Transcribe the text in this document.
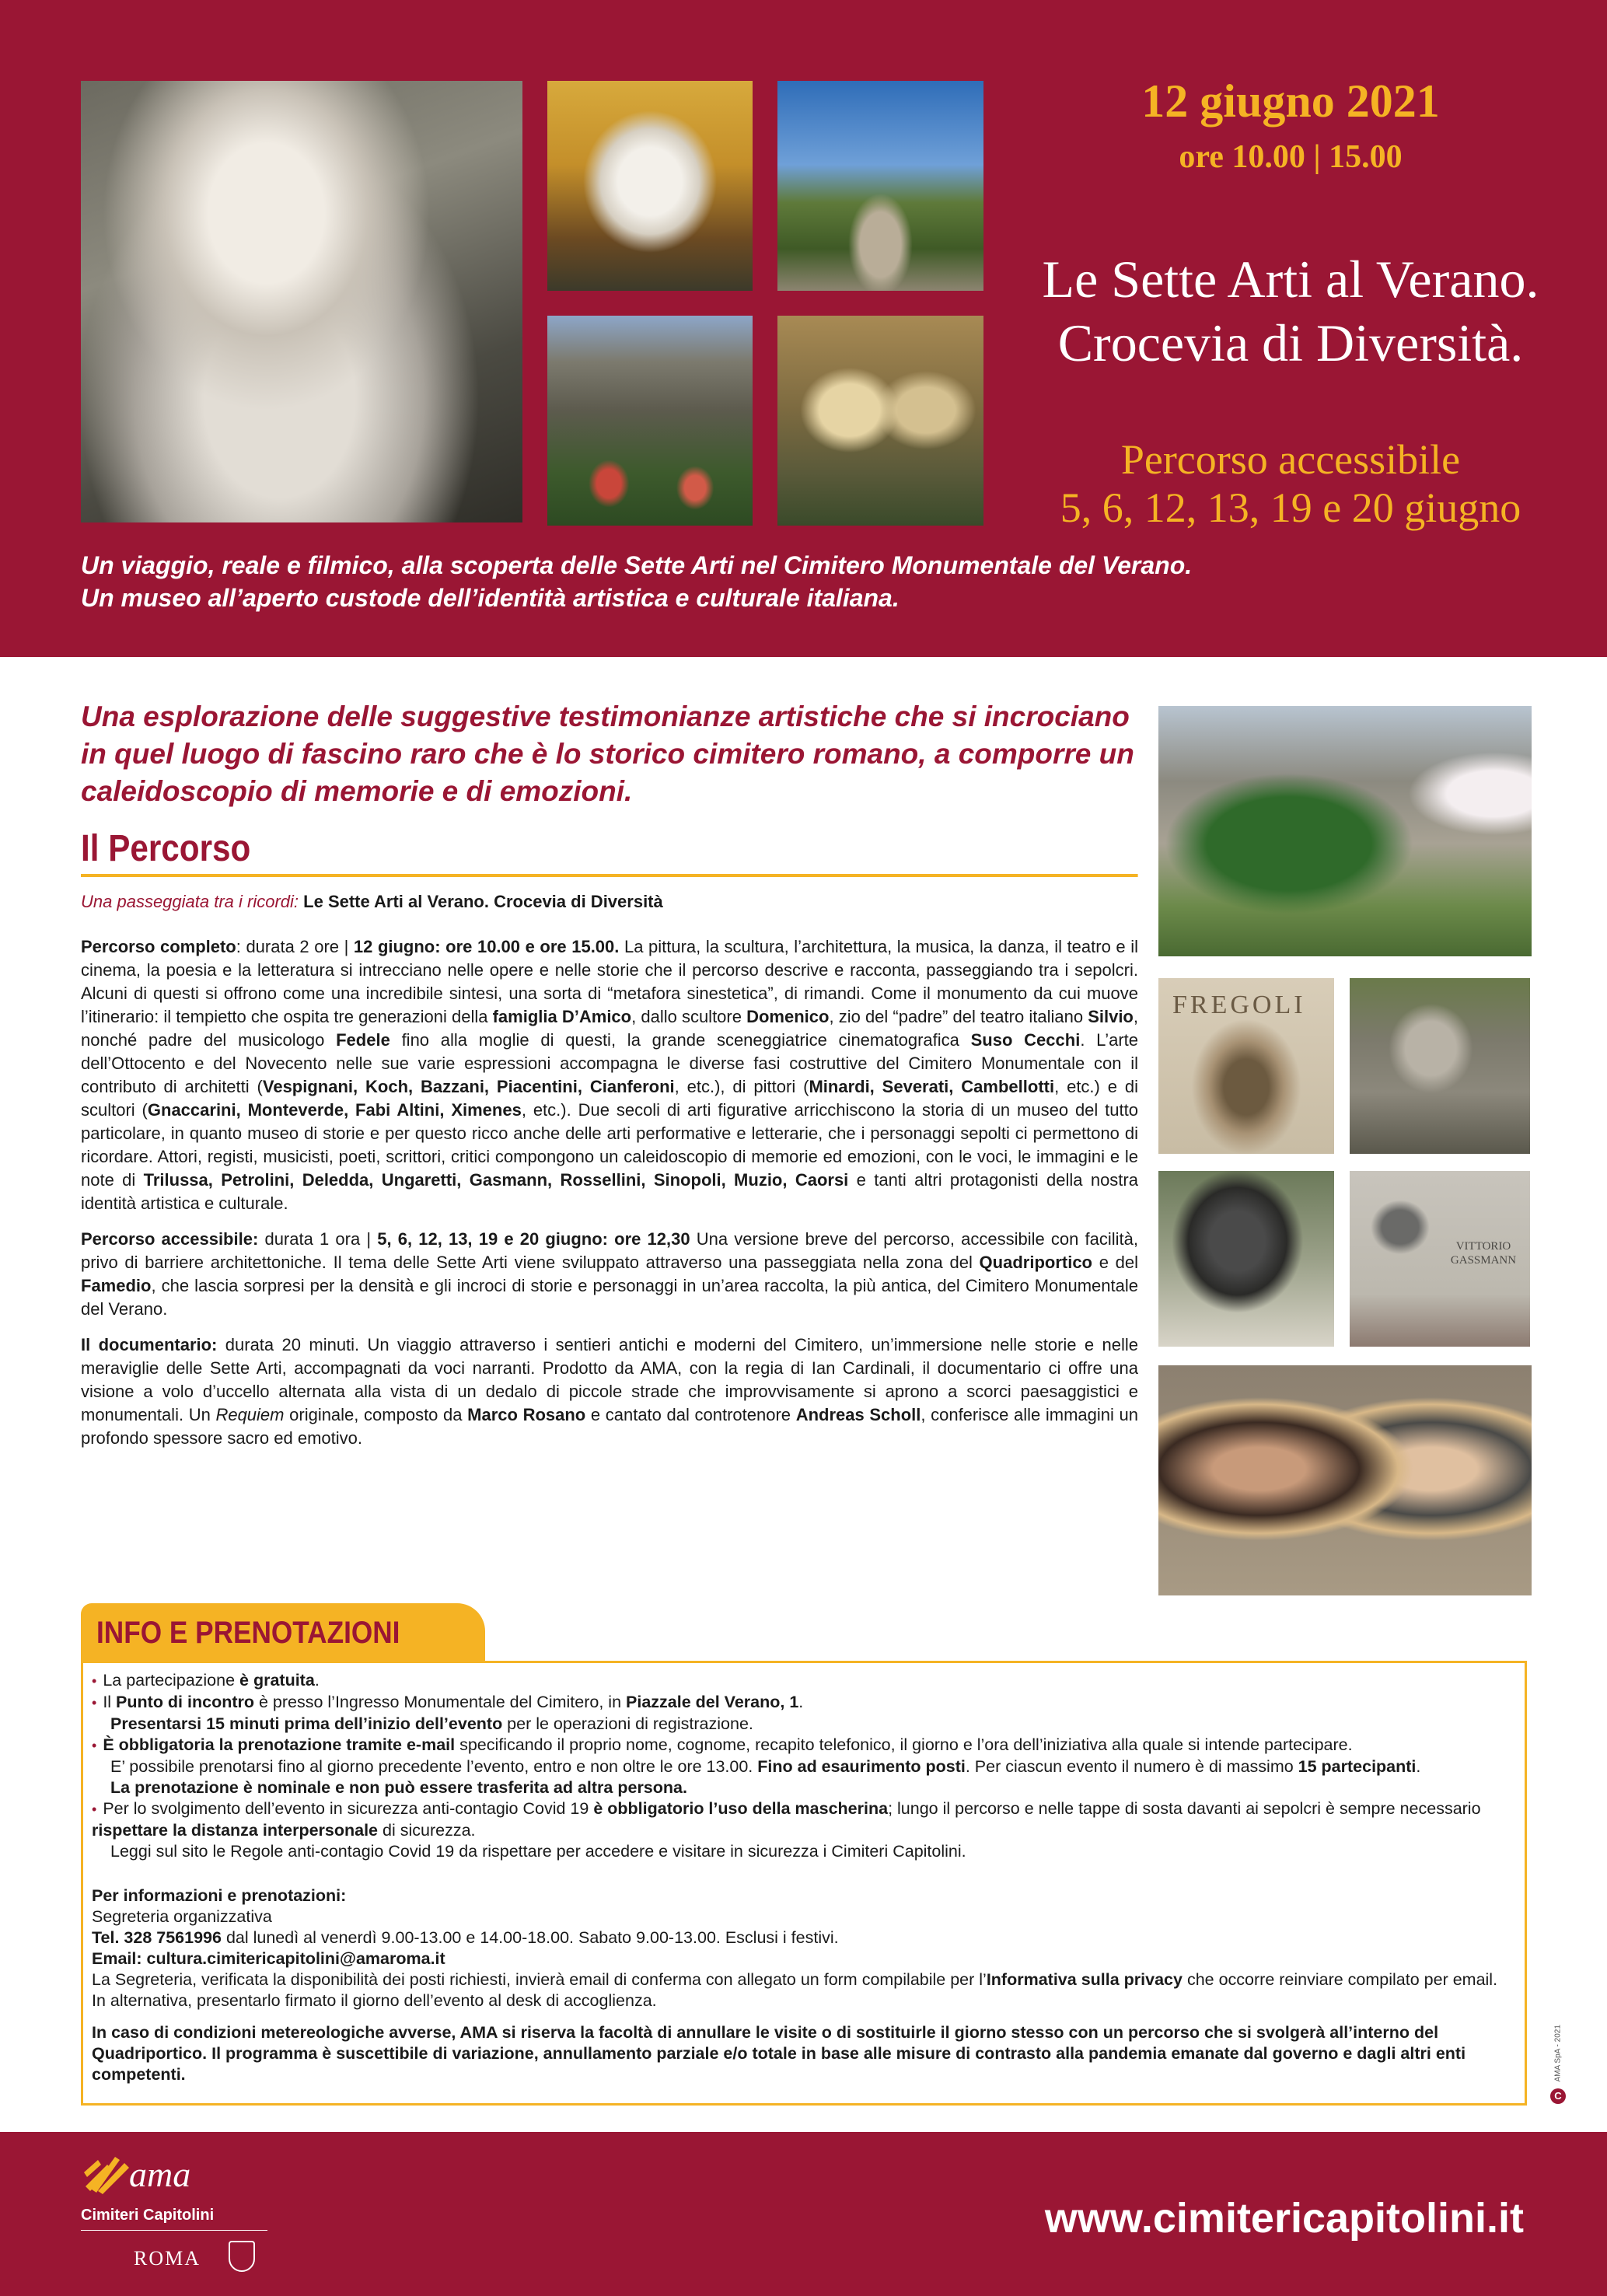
12 giugno 2021
ore 10.00 | 15.00
Le Sette Arti al Verano.
Crocevia di Diversità.
Percorso accessibile
5, 6, 12, 13, 19 e 20 giugno
Un viaggio, reale e filmico, alla scoperta delle Sette Arti nel Cimitero Monumentale del Verano.
Un museo all’aperto custode dell’identità artistica e culturale italiana.
Una esplorazione delle suggestive testimonianze artistiche che si incrociano in quel luogo di fascino raro che è lo storico cimitero romano, a comporre un caleidoscopio di memorie e di emozioni.
Il Percorso

Una passeggiata tra i ricordi: Le Sette Arti al Verano. Crocevia di Diversità

Percorso completo: durata 2 ore | 12 giugno: ore 10.00 e ore 15.00. La pittura, la scultura, l’architettura, la musica, la danza, il teatro e il cinema, la poesia e la letteratura si intrecciano nelle opere e nelle storie che il percorso descrive e racconta, passeggiando tra i sepolcri. Alcuni di questi si offrono come una incredibile sintesi, una sorta di “metafora sinestetica”, di rimandi. Come il monumento da cui muove l’itinerario: il tempietto che ospita tre generazioni della famiglia D’Amico, dallo scultore Domenico, zio del “padre” del teatro italiano Silvio, nonché padre del musicologo Fedele fino alla moglie di questi, la grande sceneggiatrice cinematografica Suso Cecchi. L’arte dell’Ottocento e del Novecento nelle sue varie espressioni accompagna le diverse fasi costruttive del Cimitero Monumentale con il contributo di architetti (Vespignani, Koch, Bazzani, Piacentini, Cianferoni, etc.), di pittori (Minardi, Severati, Cambellotti, etc.) e di scultori (Gnaccarini, Monteverde, Fabi Altini, Ximenes, etc.). Due secoli di arti figurative arricchiscono la storia di un museo del tutto particolare, in quanto museo di storie e per questo ricco anche delle arti performative e letterarie, che i personaggi sepolti ci permettono di ricordare. Attori, registi, musicisti, poeti, scrittori, critici compongono un caleidoscopio di memorie ed emozioni, con le voci, le immagini e le note di Trilussa, Petrolini, Deledda, Ungaretti, Gasmann, Rossellini, Sinopoli, Muzio, Caorsi e tanti altri protagonisti della nostra identità artistica e culturale.

Percorso accessibile: durata 1 ora | 5, 6, 12, 13, 19 e 20 giugno: ore 12,30 Una versione breve del percorso, accessibile con facilità, privo di barriere architettoniche. Il tema delle Sette Arti viene sviluppato attraverso una passeggiata nella zona del Quadriportico e del Famedio, che lascia sorpresi per la densità e gli incroci di storie e personaggi in un’area raccolta, la più antica, del Cimitero Monumentale del Verano.

Il documentario: durata 20 minuti. Un viaggio attraverso i sentieri antichi e moderni del Cimitero, un’immersione nelle storie e nelle meraviglie delle Sette Arti, accompagnati da voci narranti. Prodotto da AMA, con la regia di Ian Cardinali, il documentario ci offre una visione a volo d’uccello alternata alla vista di un dedalo di piccole strade che improvvisamente si aprono a scorci paesaggistici e monumentali. Un Requiem originale, composto da Marco Rosano e cantato dal controtenore Andreas Scholl, conferisce alle immagini un profondo spessore sacro ed emotivo.

FREGOLI
VITTORIO GASSMANN
INFO E PRENOTAZIONI
• La partecipazione è gratuita.
• Il Punto di incontro è presso l’Ingresso Monumentale del Cimitero, in Piazzale del Verano, 1.
Presentarsi 15 minuti prima dell’inizio dell’evento per le operazioni di registrazione.
• È obbligatoria la prenotazione tramite e-mail specificando il proprio nome, cognome, recapito telefonico, il giorno e l’ora dell’iniziativa alla quale si intende partecipare.
E’ possibile prenotarsi fino al giorno precedente l’evento, entro e non oltre le ore 13.00. Fino ad esaurimento posti. Per ciascun evento il numero è di massimo 15 partecipanti.
La prenotazione è nominale e non può essere trasferita ad altra persona.
• Per lo svolgimento dell’evento in sicurezza anti-contagio Covid 19 è obbligatorio l’uso della mascherina; lungo il percorso e nelle tappe di sosta davanti ai sepolcri è sempre necessario rispettare la distanza interpersonale di sicurezza.
Leggi sul sito le Regole anti-contagio Covid 19 da rispettare per accedere e visitare in sicurezza i Cimiteri Capitolini.
Per informazioni e prenotazioni:
Segreteria organizzativa
Tel. 328 7561996 dal lunedì al venerdì 9.00-13.00 e 14.00-18.00. Sabato 9.00-13.00. Esclusi i festivi.
Email: cultura.cimitericapitolini@amaroma.it
La Segreteria, verificata la disponibilità dei posti richiesti, invierà email di conferma con allegato un form compilabile per l’Informativa sulla privacy che occorre reinviare compilato per email. In alternativa, presentarlo firmato il giorno dell’evento al desk di accoglienza.
In caso di condizioni metereologiche avverse, AMA si riserva la facoltà di annullare le visite o di sostituirle il giorno stesso con un percorso che si svolgerà all’interno del Quadriportico. Il programma è suscettibile di variazione, annullamento parziale e/o totale in base alle misure di contrasto alla pandemia emanate dal governo e dagli altri enti competenti.	AMA SpA - 2021
C
ama
Cimiteri Capitolini
ROMA
www.cimitericapitolini.it
